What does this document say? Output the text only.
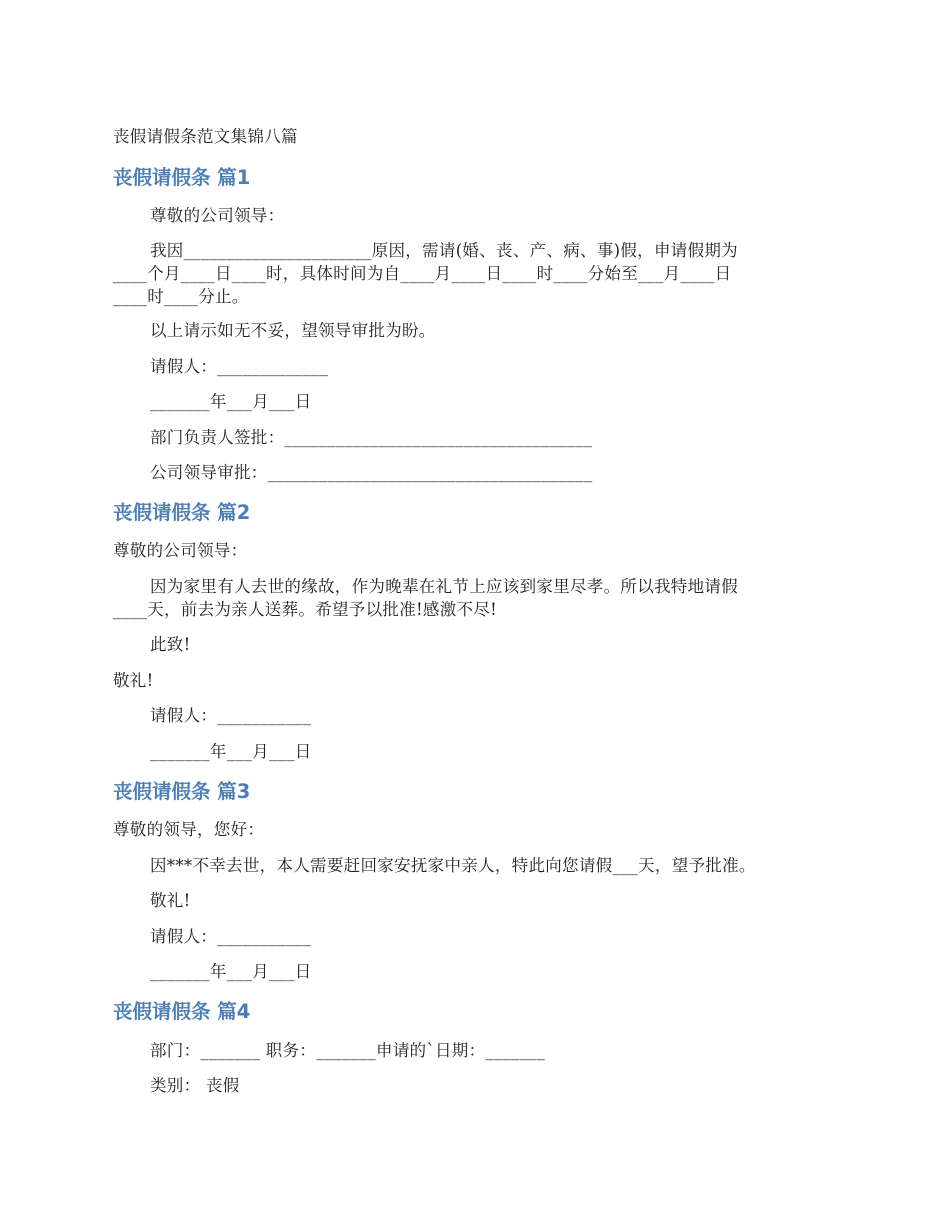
丧假请假条范文集锦八篇
丧假请假条 篇1
尊敬的公司领导：
我因______________________原因，需请(婚、丧、产、病、事)假，申请假期为
____个月____日____时，具体时间为自____月____日____时____分始至___月____日
____时____分止。
以上请示如无不妥，望领导审批为盼。
请假人：_____________
_______年___月___日
部门负责人签批：____________________________________
公司领导审批：______________________________________
丧假请假条 篇2
尊敬的公司领导：
因为家里有人去世的缘故，作为晚辈在礼节上应该到家里尽孝。所以我特地请假
____天，前去为亲人送葬。希望予以批准!感激不尽!
此致!
敬礼!
请假人：___________
_______年___月___日
丧假请假条 篇3
尊敬的领导，您好：
因***不幸去世，本人需要赶回家安抚家中亲人，特此向您请假___天，望予批准。
敬礼!
请假人：___________
_______年___月___日
丧假请假条 篇4
部门：_______ 职务：_______申请的`日期：_______
类别： 丧假
